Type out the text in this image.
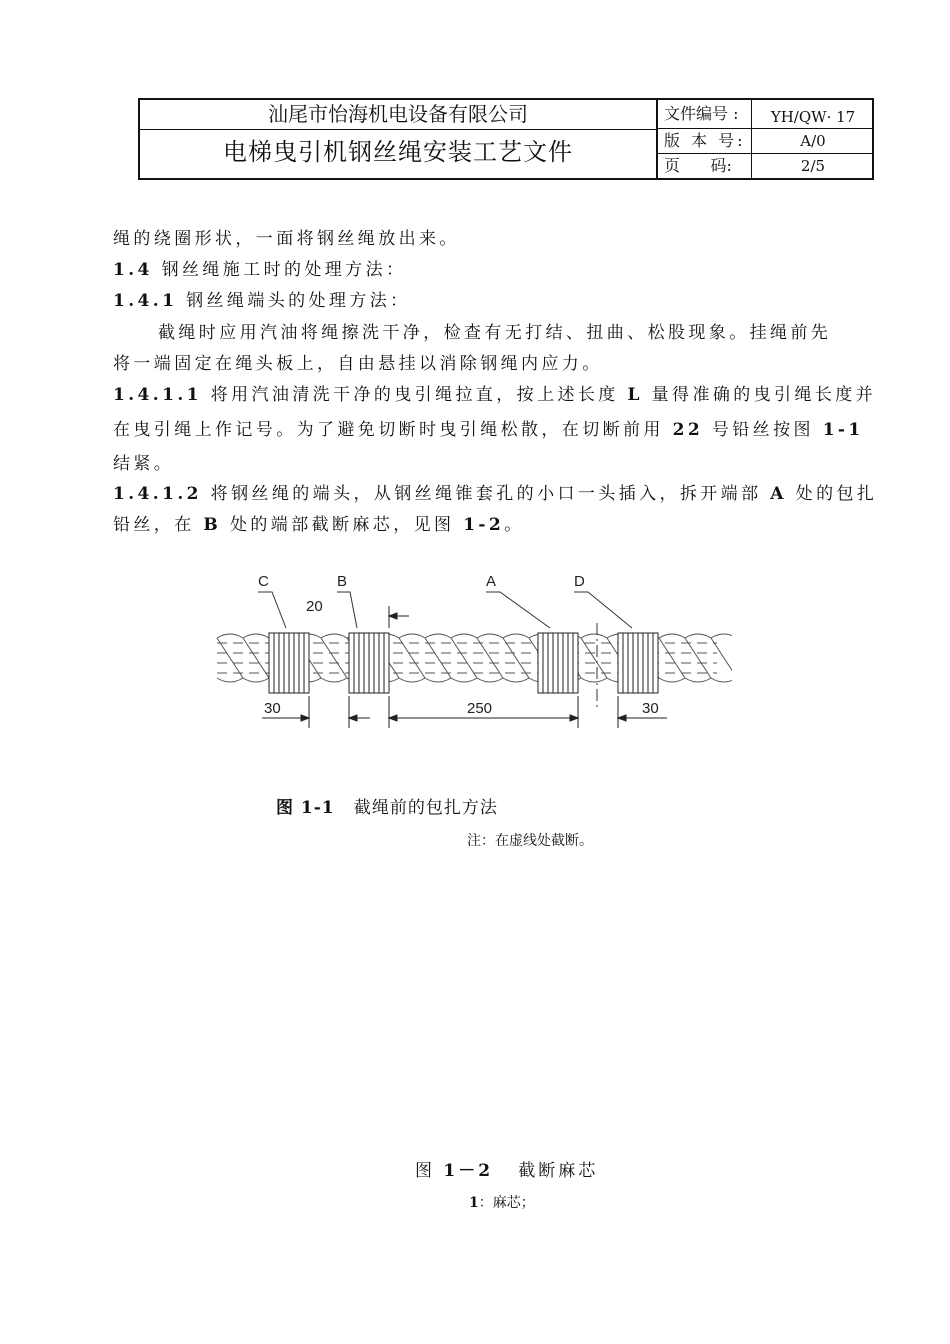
汕尾市怡海机电设备有限公司
电梯曳引机钢丝绳安装工艺文件
文件编号 :	YH/QW· 17
版 本 号:	A/0
页      码:	2/5
绳的绕圈形状，一面将钢丝绳放出来。
1.4 钢丝绳施工时的处理方法：
1.4.1 钢丝绳端头的处理方法：
截绳时应用汽油将绳擦洗干净，检查有无打结、扭曲、松股现象。挂绳前先
将一端固定在绳头板上，自由悬挂以消除钢绳内应力。
1.4.1.1 将用汽油清洗干净的曳引绳拉直，按上述长度 L 量得准确的曳引绳长度并
在曳引绳上作记号。为了避免切断时曳引绳松散，在切断前用 22 号铅丝按图 1-1
结紧。
1.4.1.2 将钢丝绳的端头，从钢丝绳锥套孔的小口一头插入，拆开端部 A 处的包扎
铅丝，在 B 处的端部截断麻芯，见图 1-2。
C	B	A	D
20
30	250	30
图 1-1 截绳前的包扎方法
注：在虚线处截断。
图 1－2 截断麻芯
1：麻芯；
